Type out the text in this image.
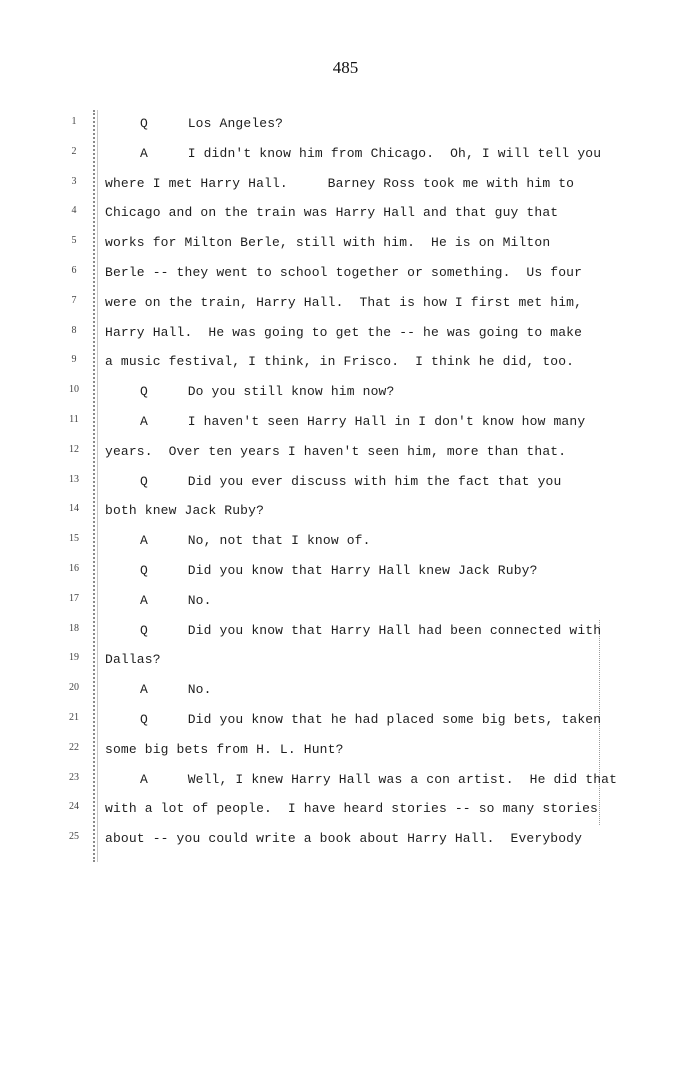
485
1	Q     Los Angeles?
2	A     I didn't know him from Chicago.  Oh, I will tell you
3	where I met Harry Hall.     Barney Ross took me with him to
4	Chicago and on the train was Harry Hall and that guy that
5	works for Milton Berle, still with him.  He is on Milton
6	Berle -- they went to school together or something.  Us four
7	were on the train, Harry Hall.  That is how I first met him,
8	Harry Hall.  He was going to get the -- he was going to make
9	a music festival, I think, in Frisco.  I think he did, too.
10	Q     Do you still know him now?
11	A     I haven't seen Harry Hall in I don't know how many
12	years.  Over ten years I haven't seen him, more than that.
13	Q     Did you ever discuss with him the fact that you
14	both knew Jack Ruby?
15	A     No, not that I know of.
16	Q     Did you know that Harry Hall knew Jack Ruby?
17	A     No.
18	Q     Did you know that Harry Hall had been connected with
19	Dallas?
20	A     No.
21	Q     Did you know that he had placed some big bets, taken
22	some big bets from H. L. Hunt?
23	A     Well, I knew Harry Hall was a con artist.  He did that
24	with a lot of people.  I have heard stories -- so many stories
25	about -- you could write a book about Harry Hall.  Everybody
